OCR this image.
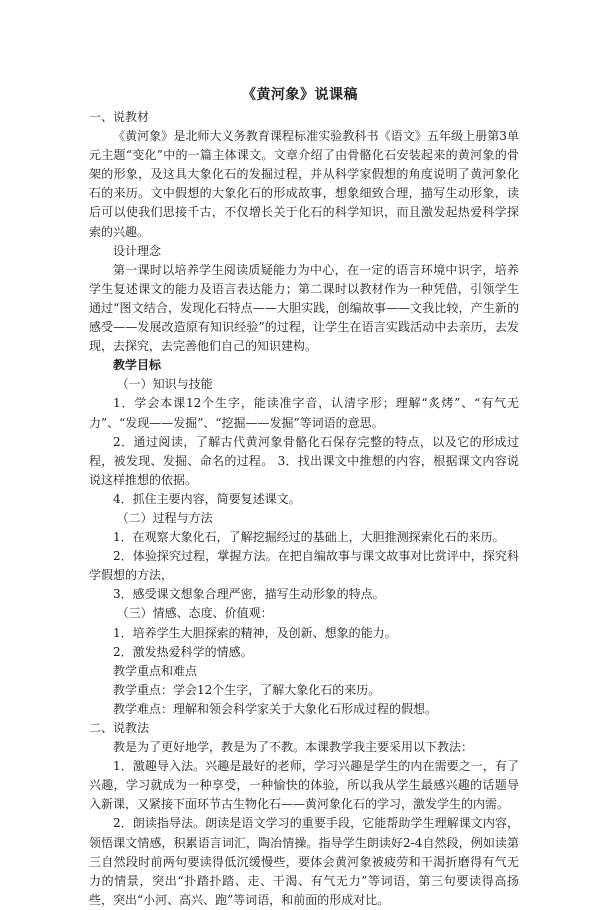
《黄河象》说课稿

一、说教材

《黄河象》是北师大义务教育课程标准实验教科书《语文》五年级上册第3单元主题“变化”中的一篇主体课文。文章介绍了由骨骼化石安装起来的黄河象的骨架的形象，及这具大象化石的发掘过程，并从科学家假想的角度说明了黄河象化石的来历。文中假想的大象化石的形成故事，想象细致合理，描写生动形象，读后可以使我们思接千古，不仅增长关于化石的科学知识，而且激发起热爱科学探索的兴趣。

设计理念

第一课时以培养学生阅读质疑能力为中心，在一定的语言环境中识字，培养学生复述课文的能力及语言表达能力；第二课时以教材作为一种凭借，引领学生通过“图文结合，发现化石特点——大胆实践，创编故事——文我比较，产生新的感受——发展改造原有知识经验”的过程，让学生在语言实践活动中去亲历，去发现，去探究，去完善他们自己的知识建构。

教学目标

（一）知识与技能

1．学会本课12个生字，能读准字音，认清字形；理解“炙烤”、“有气无力”、“发现——发掘”、“挖掘——发掘”等词语的意思。

2．通过阅读，了解古代黄河象骨骼化石保存完整的特点，以及它的形成过程，被发现、发掘、命名的过程。 3．找出课文中推想的内容，根据课文内容说说这样推想的依据。

4．抓住主要内容，简要复述课文。

（二）过程与方法

1．在观察大象化石，了解挖掘经过的基础上，大胆推测探索化石的来历。

2．体验探究过程，掌握方法。在把自编故事与课文故事对比赏评中，探究科学假想的方法，

3．感受课文想象合理严密，描写生动形象的特点。

（三）情感、态度、价值观：

1．培养学生大胆探索的精神，及创新、想象的能力。

2．激发热爱科学的情感。

教学重点和难点

教学重点：学会12个生字，了解大象化石的来历。

教学难点：理解和领会科学家关于大象化石形成过程的假想。

二、说教法

教是为了更好地学，教是为了不教。本课教学我主要采用以下教法：

1．激趣导入法。兴趣是最好的老师，学习兴趣是学生的内在需要之一，有了兴趣，学习就成为一种享受，一种愉快的体验，所以我从学生最感兴趣的话题导入新课，又紧接下面环节古生物化石——黄河象化石的学习，激发学生的内需。

2．朗读指导法。朗读是语文学习的重要手段，它能帮助学生理解课文内容，领悟课文情感，积累语言词汇，陶冶情操。指导学生朗读好2-4自然段，例如读第三自然段时前两句要读得低沉缓慢些，要体会黄河象被疲劳和干渴折磨得有气无力的情景，突出“扑踏扑踏、走、干渴、有气无力”等词语，第三句要读得高扬些，突出“小河、高兴、跑”等词语，和前面的形成对比。
